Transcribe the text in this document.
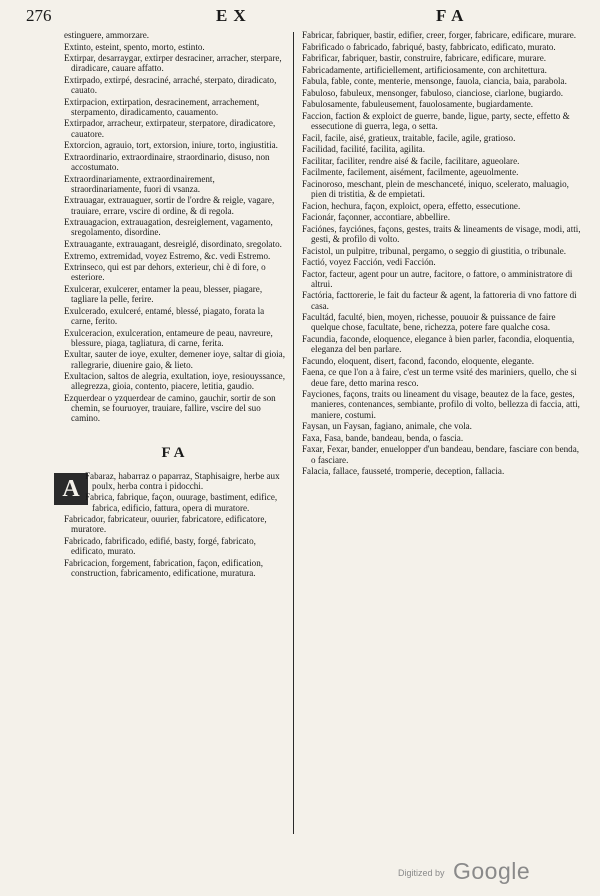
276	EX	FA
estinguere, ammorzare.
Extinto, esteint, spento, morto, estinto.
Extirpar, desarraygar, extirper desraciner, arracher, sterpare, diradicare, cauare affatto.
Extirpado, extirpé, desraciné, arraché, sterpato, diradicato, cauato.
Extirpacion, extirpation, desracinement, arrachement, sterpamento, diradicamento, cauamento.
Extirpador, arracheur, extirpateur, sterpatore, diradicatore, cauatore.
Extorcion, agrauio, tort, extorsion, iniure, torto, ingiustitia.
Extraordinario, extraordinaire, straordinario, disuso, non accostumato.
Extraordinariamente, extraordinairement, straordinariamente, fuori di vsanza.
Extrauagar, extrauaguer, sortir de l'ordre & reigle, vagare, trauiare, errare, vscire di ordine, & di regola.
Extrauagacion, extrauagation, desreiglement, vagamento, sregolamento, disordine.
Extrauagante, extrauagant, desreiglé, disordinato, sregolato.
Extremo, extremidad, voyez Estremo, &c. vedi Estremo.
Extrinseco, qui est par dehors, exterieur, chi è di fore, o esteriore.
Exulcerar, exulcerer, entamer la peau, blesser, piagare, tagliare la pelle, ferire.
Exulcerado, exulceré, entamé, blessé, piagato, forata la carne, ferito.
Exulceracion, exulceration, entameure de peau, navreure, blessure, piaga, tagliatura, di carne, ferita.
Exultar, sauter de ioye, exulter, demener ioye, saltar di gioia, rallegrarie, diuenire gaio, & lieto.
Exultacion, saltos de alegria, exultation, ioye, resiouyssance, allegrezza, gioia, contento, piacere, letitia, gaudio.
Ezquerdear o yzquerdear de camino, gauchir, sortir de son chemin, se fouruoyer, trauiare, fallire, vscire del suo camino.
FA
A Fabaraz, habarraz o paparraz, Staphisaigre, herbe aux poulx, herba contra i pidocchi.
Fabrica, fabrique, façon, ouurage, bastiment, edifice, fabrica, edificio, fattura, opera di muratore.
Fabricador, fabricateur, ouurier, fabricatore, edificatore, muratore.
Fabricado, fabrificado, edifié, basty, forgé, fabricato, edificato, murato.
Fabricacion, forgement, fabrication, façon, edification, construction, fabricamento, edificatione, muratura.
Fabricar, fabriquer, bastir, edifier, creer, forger, fabricare, edificare, murare.
Fabrificado o fabricado, fabriqué, basty, fabbricato, edificato, murato.
Fabrificar, fabriquer, bastir, construire, fabricare, edificare, murare.
Fabricadamente, artificiellement, artificiosamente, con architettura.
Fabula, fable, conte, menterie, mensonge, fauola, ciancia, baia, parabola.
Fabuloso, fabuleux, mensonger, fabuloso, cianciose, ciarlone, bugiardo.
Fabulosamente, fabuleusement, fauolosamente, bugiardamente.
Faccion, faction & exploict de guerre, bande, ligue, party, secte, effetto & essecutione di guerra, lega, o setta.
Facil, facile, aisé, gratieux, traitable, facile, agile, gratioso.
Facilidad, facilité, facilita, agilita.
Facilitar, faciliter, rendre aisé & facile, facilitare, agueolare.
Facilmente, facilement, aisément, facilmente, ageuolmente.
Facinoroso, meschant, plein de meschanceté, iniquo, scelerato, maluagio, pien di tristitia, & de empietati.
Facion, hechura, façon, exploict, opera, effetto, essecutione.
Facionár, façonner, accontiare, abbellire.
Faciónes, fayciónes, façons, gestes, traits & lineaments de visage, modi, atti, gesti, & profilo di volto.
Facistol, un pulpitre, tribunal, pergamo, o seggio di giustitia, o tribunale.
Factió, voyez Facción, vedi Facción.
Factor, facteur, agent pour un autre, facitore, o fattore, o amministratore di altrui.
Factória, facttorerie, le fait du facteur & agent, la fattoreria di vno fattore di casa.
Facultád, faculté, bien, moyen, richesse, pouuoir & puissance de faire quelque chose, facultate, bene, richezza, potere fare qualche cosa.
Facundia, faconde, eloquence, elegance à bien parler, facondia, eloquentia, eleganza del ben parlare.
Facundo, eloquent, disert, facond, facondo, eloquente, elegante.
Faena, ce que l'on a à faire, c'est un terme vsité des mariniers, quello, che si deue fare, detto marina resco.
Fayciones, façons, traits ou lineament du visage, beautez de la face, gestes, manieres, contenances, sembiante, profilo di volto, bellezza di faccia, atti, maniere, costumi.
Faysan, un Faysan, fagiano, animale, che vola.
Faxa, Fasa, bande, bandeau, benda, o fascia.
Faxar, Fexar, bander, enuelopper d'un bandeau, bendare, fasciare con benda, o fasciare.
Falacia, fallace, fausseté, tromperie, deception, fallacia.
Digitized by Google
